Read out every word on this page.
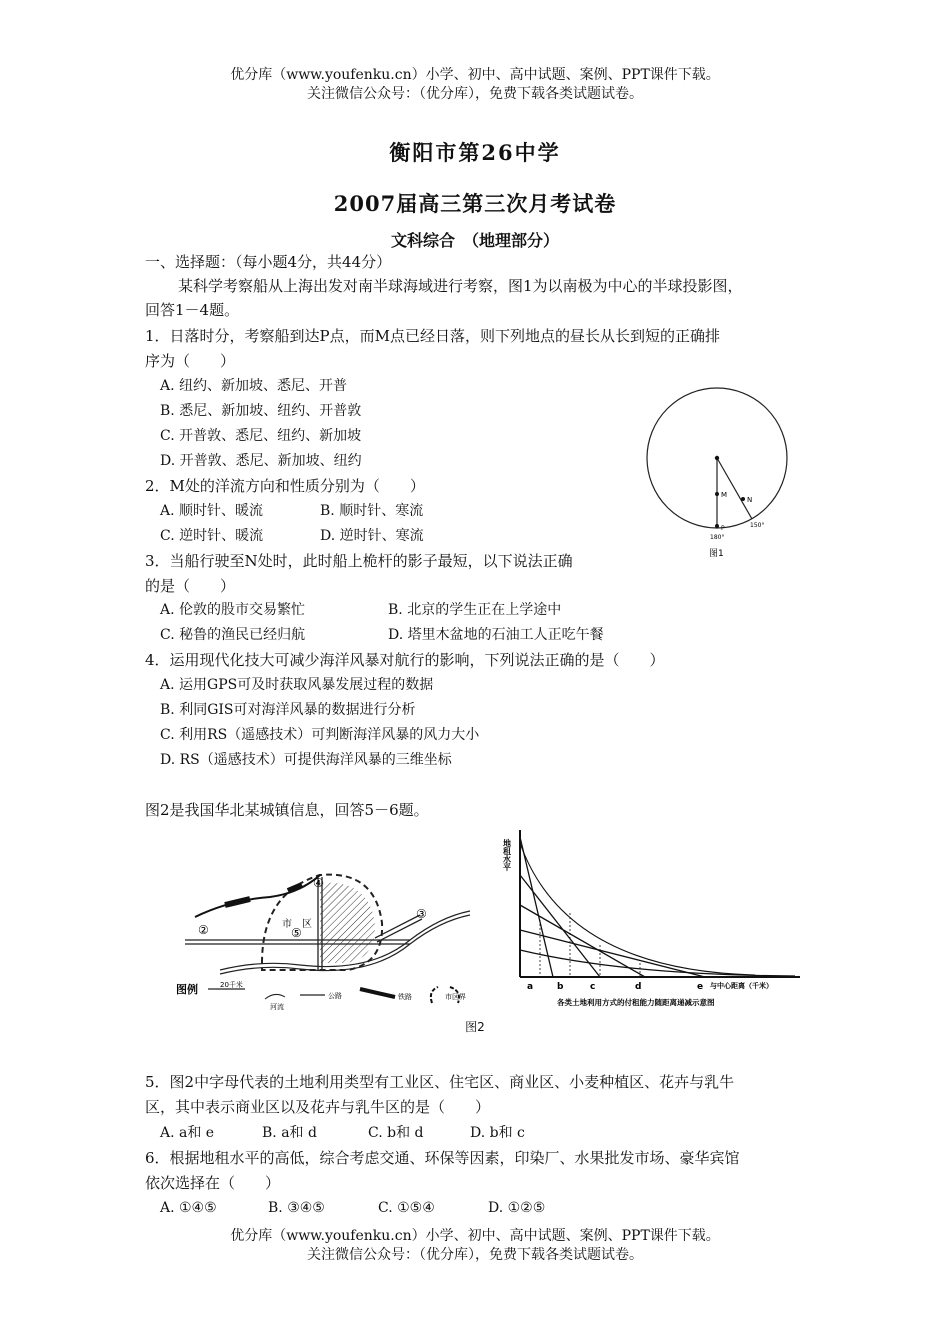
优分库（www.youfenku.cn）小学、初中、高中试题、案例、PPT课件下载。
关注微信公众号：（优分库），免费下载各类试题试卷。
衡阳市第26中学
2007届高三第三次月考试卷
文科综合　（地理部分）
一、选择题：（每小题4分，共44分）
某科学考察船从上海出发对南半球海域进行考察，图1为以南极为中心的半球投影图，
回答1－4题。
1．日落时分，考察船到达P点，而M点已经日落，则下列地点的昼长从长到短的正确排
序为（　　）
A. 纽约、新加坡、悉尼、开普
B. 悉尼、新加坡、纽约、开普敦
C. 开普敦、悉尼、纽约、新加坡
D. 开普敦、悉尼、新加坡、纽约
2．M处的洋流方向和性质分别为（　　）
A. 顺时针、暖流	B. 顺时针、寒流
C. 逆时针、暖流	D. 逆时针、寒流
3．当船行驶至N处时，此时船上桅杆的影子最短，以下说法正确
的是（　　）
A. 伦敦的股市交易繁忙	B. 北京的学生正在上学途中
C. 秘鲁的渔民已经归航	D. 塔里木盆地的石油工人正吃午餐
4．运用现代化技大可减少海洋风暴对航行的影响，下列说法正确的是（　　）
A. 运用GPS可及时获取风暴发展过程的数据
B. 利同GIS可对海洋风暴的数据进行分析
C. 利用RS（遥感技术）可判断海洋风暴的风力大小
D. RS（遥感技术）可提供海洋风暴的三维坐标
M
N
P
180°
150°
图1
图2是我国华北某城镇信息，回答5－6题。
②
③
④
⑤
市　区
图例	20千米
河流
公路	铁路	市区界
地租水平
a	b	c	d	e 与中心距离（千米）
各类土地利用方式的付租能力随距离递减示意图
图2
5．图2中字母代表的土地利用类型有工业区、住宅区、商业区、小麦种植区、花卉与乳牛
区，其中表示商业区以及花卉与乳牛区的是（　　）
A. a和 e	B. a和 d	C. b和 d	D. b和 c
6．根据地租水平的高低，综合考虑交通、环保等因素，印染厂、水果批发市场、豪华宾馆
依次选择在（　　）
A. ①④⑤	B. ③④⑤	C. ①⑤④	D. ①②⑤
优分库（www.youfenku.cn）小学、初中、高中试题、案例、PPT课件下载。
关注微信公众号：（优分库），免费下载各类试题试卷。
